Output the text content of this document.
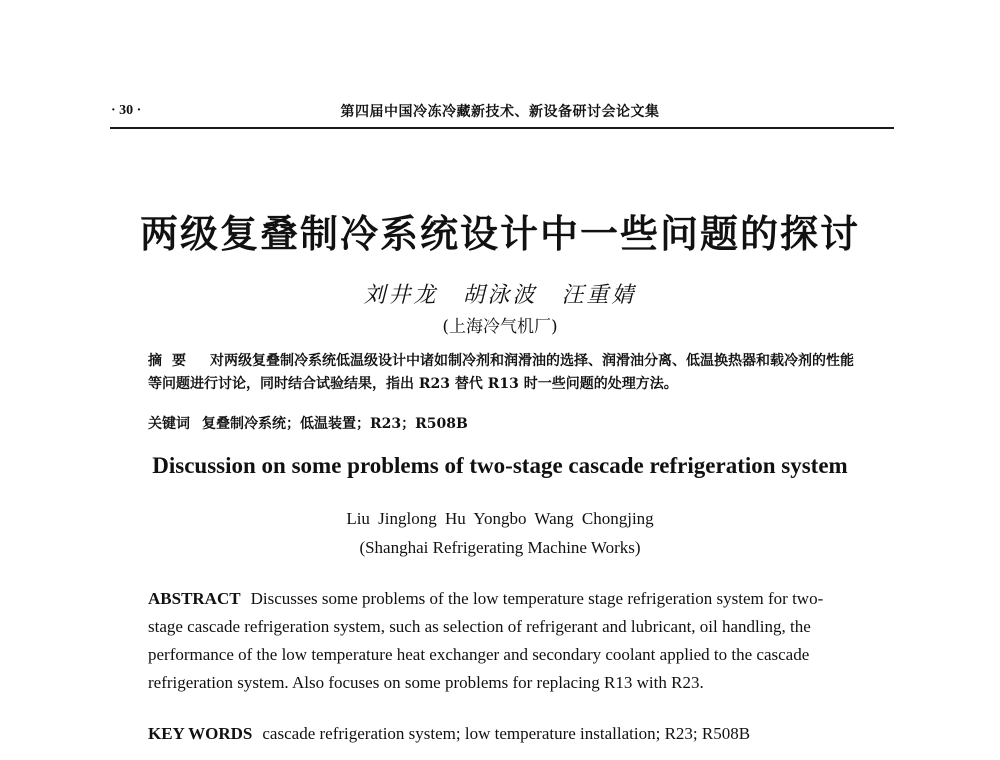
· 30 ·	第四届中国冷冻冷藏新技术、新设备研讨会论文集
两级复叠制冷系统设计中一些问题的探讨
刘井龙 胡泳波 汪重婧
(上海冷气机厂)
摘要 对两级复叠制冷系统低温级设计中诸如制冷剂和润滑油的选择、润滑油分离、低温换热器和载冷剂的性能等问题进行讨论，同时结合试验结果，指出 R23 替代 R13 时一些问题的处理方法。
关键词 复叠制冷系统；低温装置；R23；R508B
Discussion on some problems of two-stage cascade refrigeration system
Liu Jinglong Hu Yongbo Wang Chongjing
(Shanghai Refrigerating Machine Works)
ABSTRACT Discusses some problems of the low temperature stage refrigeration system for two-stage cascade refrigeration system, such as selection of refrigerant and lubricant, oil handling, the performance of the low temperature heat exchanger and secondary coolant applied to the cascade refrigeration system. Also focuses on some problems for replacing R13 with R23.
KEY WORDS cascade refrigeration system; low temperature installation; R23; R508B
